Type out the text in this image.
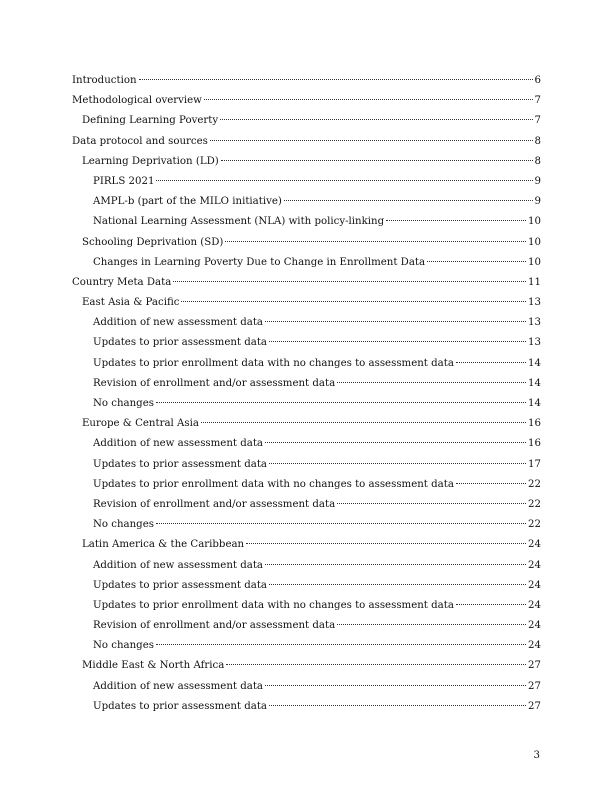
Introduction	6
Methodological overview	7
Defining Learning Poverty	7
Data protocol and sources	8
Learning Deprivation (LD)	8
PIRLS 2021	9
AMPL-b (part of the MILO initiative)	9
National Learning Assessment (NLA) with policy-linking	10
Schooling Deprivation (SD)	10
Changes in Learning Poverty Due to Change in Enrollment Data	10
Country Meta Data	11
East Asia & Pacific	13
Addition of new assessment data	13
Updates to prior assessment data	13
Updates to prior enrollment data with no changes to assessment data	14
Revision of enrollment and/or assessment data	14
No changes	14
Europe & Central Asia	16
Addition of new assessment data	16
Updates to prior assessment data	17
Updates to prior enrollment data with no changes to assessment data	22
Revision of enrollment and/or assessment data	22
No changes	22
Latin America & the Caribbean	24
Addition of new assessment data	24
Updates to prior assessment data	24
Updates to prior enrollment data with no changes to assessment data	24
Revision of enrollment and/or assessment data	24
No changes	24
Middle East & North Africa	27
Addition of new assessment data	27
Updates to prior assessment data	27
3
